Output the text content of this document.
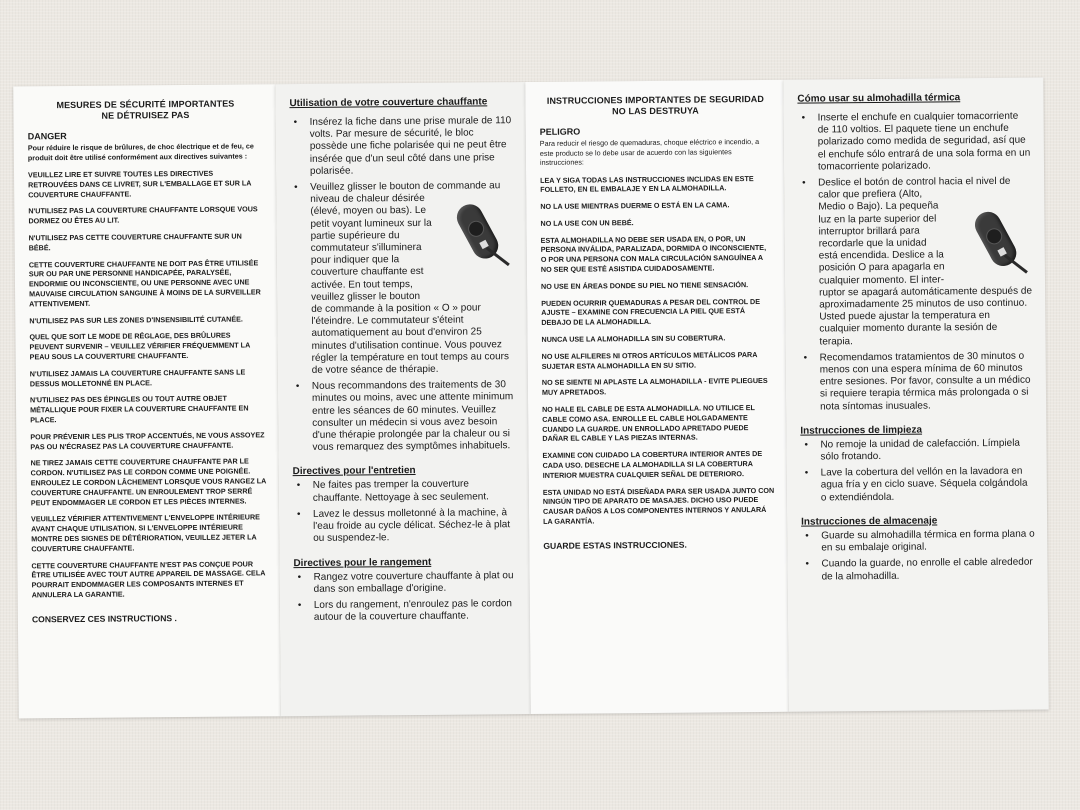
MESURES DE SÉCURITÉ IMPORTANTES
NE DÉTRUISEZ PAS
DANGER
Pour réduire le risque de brûlures, de choc électrique et de feu, ce produit doit être utilisé conformément aux directives suivantes :
VEUILLEZ LIRE ET SUIVRE TOUTES LES DIRECTIVES RETROUVÉES DANS CE LIVRET, SUR L'EMBALLAGE ET SUR LA COUVERTURE CHAUFFANTE.
N'UTILISEZ PAS LA COUVERTURE CHAUFFANTE LORSQUE VOUS DORMEZ OU ÊTES AU LIT.
N'UTILISEZ PAS CETTE COUVERTURE CHAUFFANTE SUR UN BÉBÉ.
CETTE COUVERTURE CHAUFFANTE NE DOIT PAS ÊTRE UTILISÉE SUR OU PAR UNE PERSONNE HANDICAPÉE, PARALYSÉE, ENDORMIE OU INCONSCIENTE, OU UNE PERSONNE AVEC UNE MAUVAISE CIRCULATION SANGUINE À MOINS DE LA SURVEILLER ATTENTIVEMENT.
N'UTILISEZ PAS SUR LES ZONES D'INSENSIBILITÉ CUTANÉE.
QUEL QUE SOIT LE MODE DE RÉGLAGE, DES BRÛLURES PEUVENT SURVENIR – VEUILLEZ VÉRIFIER FRÉQUEMMENT LA PEAU SOUS LA COUVERTURE CHAUFFANTE.
N'UTILISEZ JAMAIS LA COUVERTURE CHAUFFANTE SANS LE DESSUS MOLLETONNÉ EN PLACE.
N'UTILISEZ PAS DES ÉPINGLES OU TOUT AUTRE OBJET MÉTALLIQUE POUR FIXER LA COUVERTURE CHAUFFANTE EN PLACE.
POUR PRÉVENIR LES PLIS TROP ACCENTUÉS, NE VOUS ASSOYEZ PAS OU N'ÉCRASEZ PAS LA COUVERTURE CHAUFFANTE.
NE TIREZ JAMAIS CETTE COUVERTURE CHAUFFANTE PAR LE CORDON. N'UTILISEZ PAS LE CORDON COMME UNE POIGNÉE. ENROULEZ LE CORDON LÂCHEMENT LORSQUE VOUS RANGEZ LA COUVERTURE CHAUFFANTE. UN ENROULEMENT TROP SERRÉ PEUT ENDOMMAGER LE CORDON ET LES PIÈCES INTERNES.
VEUILLEZ VÉRIFIER ATTENTIVEMENT L'ENVELOPPE INTÉRIEURE AVANT CHAQUE UTILISATION. SI L'ENVELOPPE INTÉRIEURE MONTRE DES SIGNES DE DÉTÉRIORATION, VEUILLEZ JETER LA COUVERTURE CHAUFFANTE.
CETTE COUVERTURE CHAUFFANTE N'EST PAS CONÇUE POUR ÊTRE UTILISÉE AVEC TOUT AUTRE APPAREIL DE MASSAGE. CELA POURRAIT ENDOMMAGER LES COMPOSANTS INTERNES ET ANNULERA LA GARANTIE.
CONSERVEZ CES INSTRUCTIONS .
Utilisation de votre couverture chauffante
• Insérez la fiche dans une prise murale de 110 volts. Par mesure de sécurité, le bloc possède une fiche polarisée qui ne peut être insérée que d'un seul côté dans une prise polarisée.
• Veuillez glisser le bouton de commande au
niveau de chaleur désirée (élevé, moyen ou bas). Le petit voyant lumineux sur la partie supérieure du commutateur s'illuminera pour indiquer que la couverture chauffante est activée. En tout temps, veuillez glisser le bouton
de commande à la position « O » pour l'éteindre. Le commutateur s'éteint automatiquement au bout d'environ 25 minutes d'utilisation continue. Vous pouvez régler la température en tout temps au cours de votre séance de thérapie.
• Nous recommandons des traitements de 30 minutes ou moins, avec une attente minimum entre les séances de 60 minutes. Veuillez consulter un médecin si vous avez besoin d'une thérapie prolongée par la chaleur ou si vous remarquez des symptômes inhabituels.
Directives pour l'entretien
• Ne faites pas tremper la couverture chauffante. Nettoyage à sec seulement.
• Lavez le dessus molletonné à la machine, à l'eau froide au cycle délicat. Séchez-le à plat ou suspendez-le.
Directives pour le rangement
• Rangez votre couverture chauffante à plat ou dans son emballage d'origine.
• Lors du rangement, n'enroulez pas le cordon autour de la couverture chauffante.
INSTRUCCIONES IMPORTANTES DE SEGURIDAD
NO LAS DESTRUYA
PELIGRO
Para reducir el riesgo de quemaduras, choque eléctrico e incendio, a este producto se lo debe usar de acuerdo con las siguientes instrucciones:
LEA Y SIGA TODAS LAS INSTRUCCIONES INCLIDAS EN ESTE FOLLETO, EN EL EMBALAJE Y EN LA ALMOHADILLA.
NO LA USE MIENTRAS DUERME O ESTÁ EN LA CAMA.
NO LA USE CON UN BEBÉ.
ESTA ALMOHADILLA NO DEBE SER USADA EN, O POR, UN PERSONA INVÁLIDA, PARALIZADA, DORMIDA O INCONSCIENTE, O POR UNA PERSONA CON MALA CIRCULACIÓN SANGUÍNEA A NO SER QUE ESTÉ ASISTIDA CUIDADOSAMENTE.
NO USE EN ÁREAS DONDE SU PIEL NO TIENE SENSACIÓN.
PUEDEN OCURRIR QUEMADURAS A PESAR DEL CONTROL DE AJUSTE – EXAMINE CON FRECUENCIA LA PIEL QUE ESTÁ DEBAJO DE LA ALMOHADILLA.
NUNCA USE LA ALMOHADILLA SIN SU COBERTURA.
NO USE ALFILERES NI OTROS ARTÍCULOS METÁLICOS PARA SUJETAR ESTA ALMOHADILLA EN SU SITIO.
NO SE SIENTE NI APLASTE LA ALMOHADILLA - EVITE PLIEGUES MUY APRETADOS.
NO HALE EL CABLE DE ESTA ALMOHADILLA. NO UTILICE EL CABLE COMO ASA. ENROLLE EL CABLE HOLGADAMENTE CUANDO LA GUARDE. UN ENROLLADO APRETADO PUEDE DAÑAR EL CABLE Y LAS PIEZAS INTERNAS.
EXAMINE CON CUIDADO LA COBERTURA INTERIOR ANTES DE CADA USO. DESECHE LA ALMOHADILLA SI LA COBERTURA INTERIOR MUESTRA CUALQUIER SEÑAL DE DETERIORO.
ESTA UNIDAD NO ESTÁ DISEÑADA PARA SER USADA JUNTO CON NINGÚN TIPO DE APARATO DE MASAJES. DICHO USO PUEDE CAUSAR DAÑOS A LOS COMPONENTES INTERNOS Y ANULARÁ LA GARANTÍA.
GUARDE ESTAS INSTRUCCIONES.
Cómo usar su almohadilla térmica
• Inserte el enchufe en cualquier tomacorriente de 110 voltios. El paquete tiene un enchufe polarizado como medida de seguridad, así que el enchufe sólo entrará de una sola forma en un tomacorriente polarizado.
• Deslice el botón de control hacia el nivel de calor que prefiera (Alto,
Medio o Bajo). La pequeña luz en la parte superior del interruptor brillará para recordarle que la unidad está encendida. Deslice a la posición O para apagarla en cualquier momento. El inter-
ruptor se apagará automáticamente después de aproximadamente 25 minutos de uso continuo. Usted puede ajustar la temperatura en cualquier momento durante la sesión de terapia.
• Recomendamos tratamientos de 30 minutos o menos con una espera mínima de 60 minutos entre sesiones. Por favor, consulte a un médico si requiere terapia térmica más prolongada o si nota síntomas inusuales.
Instrucciones de limpieza
• No remoje la unidad de calefacción. Límpiela sólo frotando.
• Lave la cobertura del vellón en la lavadora en agua fría y en ciclo suave. Séquela colgándola o extendiéndola.
Instrucciones de almacenaje
• Guarde su almohadilla térmica en forma plana o en su embalaje original.
• Cuando la guarde, no enrolle el cable alrededor de la almohadilla.
